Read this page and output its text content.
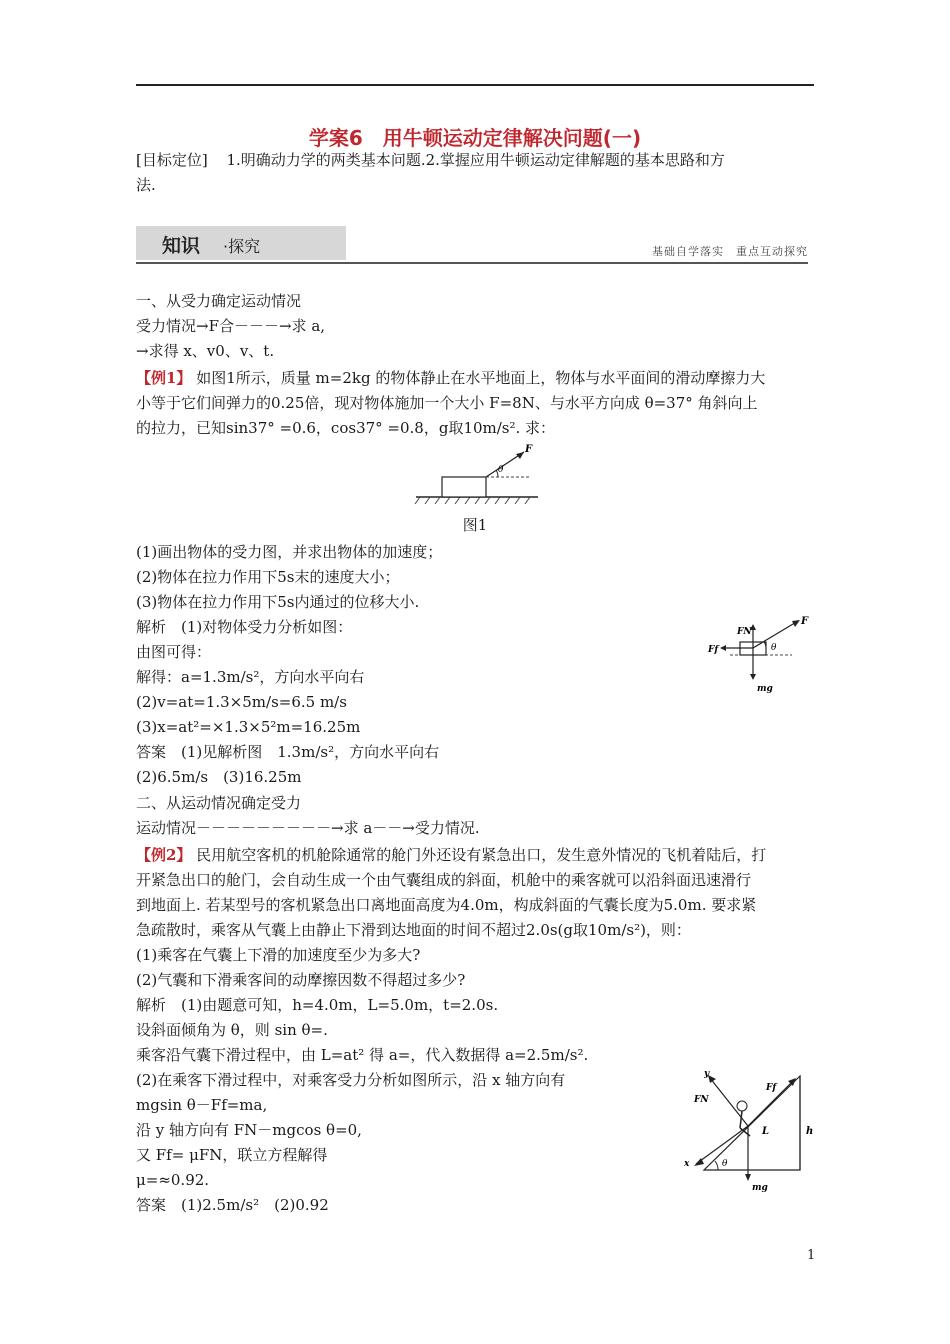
学案6　用牛顿运动定律解决问题(一)
[目标定位] 1.明确动力学的两类基本问题.2.掌握应用牛顿运动定律解题的基本思路和方
法.
知识 ·探究	基础自学落实　重点互动探究
一、从受力确定运动情况
受力情况→F合－－－→求 a,
→求得 x、v0、v、t.
【例1】 如图1所示，质量 m=2kg 的物体静止在水平地面上，物体与水平面间的滑动摩擦力大
小等于它们间弹力的0.25倍，现对物体施加一个大小 F=8N、与水平方向成 θ=37° 角斜向上
的拉力，已知sin37° =0.6，cos37° =0.8，g取10m/s². 求：
F
θ
图1
(1)画出物体的受力图，并求出物体的加速度；
(2)物体在拉力作用下5s末的速度大小；
(3)物体在拉力作用下5s内通过的位移大小.
解析　(1)对物体受力分析如图：
由图可得：
解得：a=1.3m/s²，方向水平向右
(2)v=at=1.3×5m/s=6.5 m/s
(3)x=at²=×1.3×5²m=16.25m
答案　(1)见解析图　1.3m/s²，方向水平向右
(2)6.5m/s　(3)16.25m
FN
Ff
F
θ
mg
二、从运动情况确定受力
运动情况－－－－－－－－－→求 a－－→受力情况.
【例2】 民用航空客机的机舱除通常的舱门外还设有紧急出口，发生意外情况的飞机着陆后，打
开紧急出口的舱门，会自动生成一个由气囊组成的斜面，机舱中的乘客就可以沿斜面迅速滑行
到地面上. 若某型号的客机紧急出口离地面高度为4.0m，构成斜面的气囊长度为5.0m. 要求紧
急疏散时，乘客从气囊上由静止下滑到达地面的时间不超过2.0s(g取10m/s²)，则：
(1)乘客在气囊上下滑的加速度至少为多大?
(2)气囊和下滑乘客间的动摩擦因数不得超过多少?
解析　(1)由题意可知，h=4.0m，L=5.0m，t=2.0s.
设斜面倾角为 θ，则 sin θ=.
乘客沿气囊下滑过程中，由 L=at² 得 a=，代入数据得 a=2.5m/s².
(2)在乘客下滑过程中，对乘客受力分析如图所示，沿 x 轴方向有
mgsin θ－Ff=ma,
沿 y 轴方向有 FN－mgcos θ=0,
又 Ff= μFN，联立方程解得
μ=≈0.92.
答案　(1)2.5m/s²　(2)0.92
y
FN
Ff
L	h
x	θ
mg
1
